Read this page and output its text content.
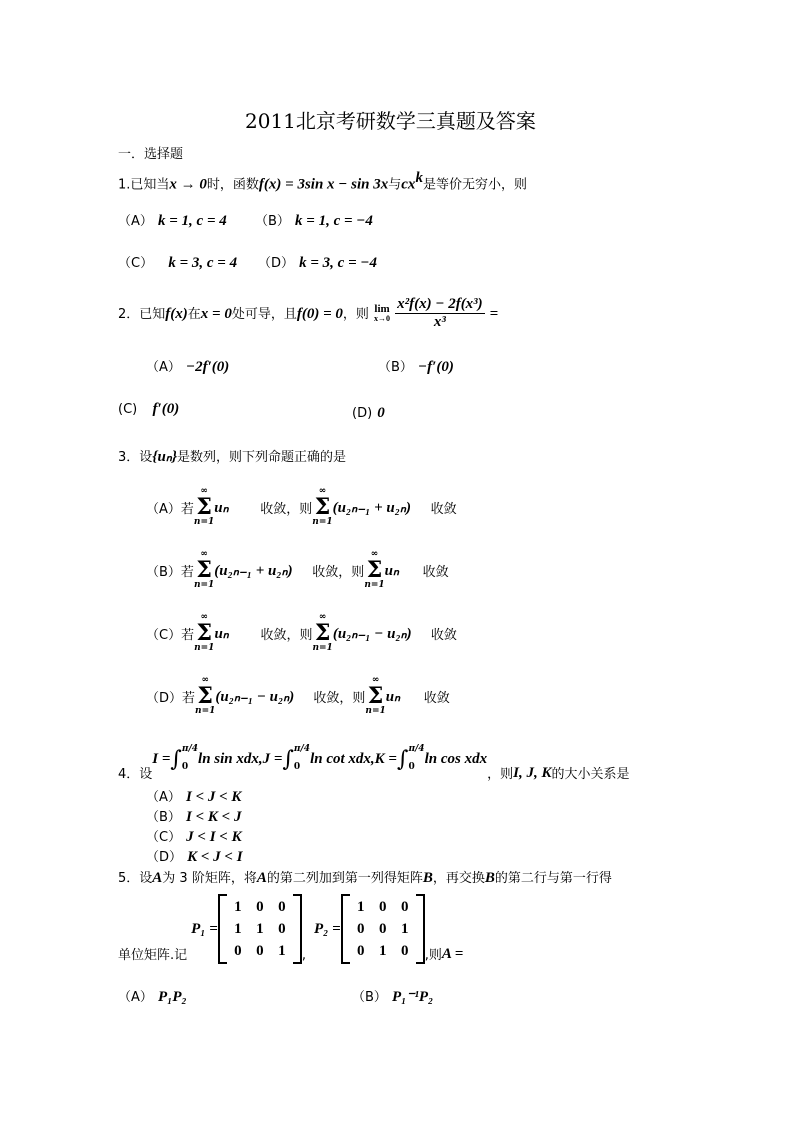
2011北京考研数学三真题及答案
一．选择题
1.已知当x → 0时，函数f(x) = 3sin x − sin 3x与$cx^k$是等价无穷小，则
（A） k = 1, c = 4 （B） k = 1, c = −4
（C） k = 3, c = 4 （D） k = 3, c = −4
2．已知f(x)在x = 0处可导，且f(0) = 0，则 lim
x→0
$\frac{\text{x²f(x) − 2f(x³)}}{\text{x³}}$ =
（A） −2f′(0)	（B） −f′(0)
(C) f′(0)	(D) 0
3．设{uₙ}是数列，则下列命题正确的是
（A） 若
∞
Σ
n=1
uₙ	收敛，则
∞
Σ
n=1
(u₂ₙ₋₁ + u₂ₙ)	收敛
（B） 若
∞
Σ
n=1
(u₂ₙ₋₁ + u₂ₙ)	收敛，则
∞
Σ
n=1
uₙ	收敛
（C） 若
∞
Σ
n=1
uₙ	收敛，则
∞
Σ
n=1
(u₂ₙ₋₁ − u₂ₙ)	收敛
（D） 若
∞
Σ
n=1
(u₂ₙ₋₁ − u₂ₙ)	收敛，则
∞
Σ
n=1
uₙ	收敛
4．设
I = ∫ π/4
0
ln sin xdx, J = ∫ π/4
0
ln cot xdx, K = ∫ π/4
0
ln cos xdx
，则 I, J, K 的大小关系是
（A） I < J < K
（B） I < K < J
（C） J < I < K
（D） K < J < I
5．设A为 3 阶矩阵，将A的第二列加到第一列得矩阵B，再交换B的第二行与第一行得
单位矩阵.记
P₁ =
1 0 0
1 1 0
0 0 1	,
P₂ =
1 0 0
0 0 1
0 1 0	,则 A =
（A） P₁P₂	（B） P₁⁻¹P₂
